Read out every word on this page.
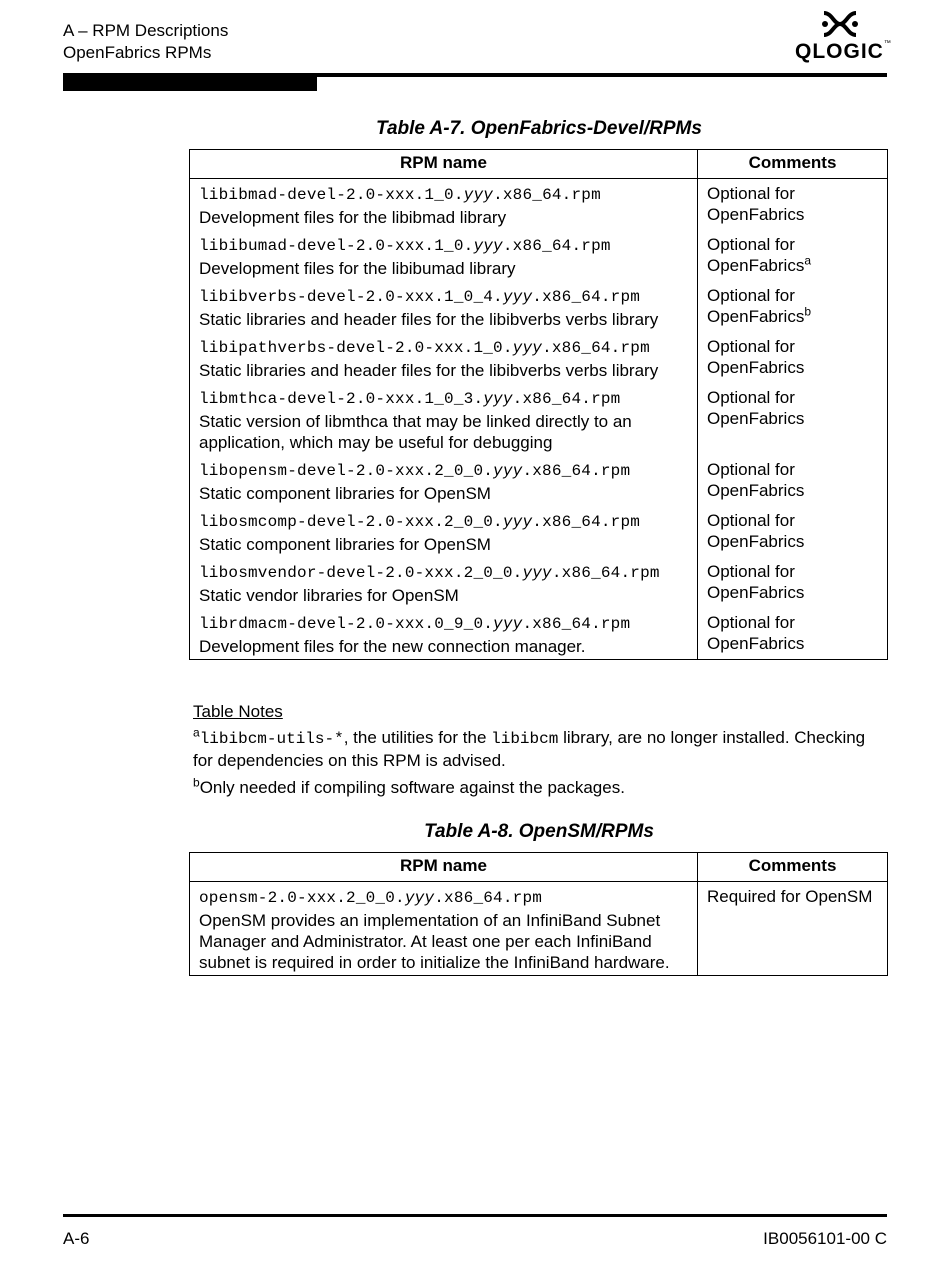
A – RPM Descriptions
OpenFabrics RPMs	QLOGIC™
Table A-7. OpenFabrics-Devel/RPMs
RPM name	Comments
libibmad-devel-2.0-xxx.1_0.yyy.x86_64.rpm
Development files for the libibmad library	Optional for OpenFabrics
libibumad-devel-2.0-xxx.1_0.yyy.x86_64.rpm
Development files for the libibumad library	Optional for OpenFabrics$^a$
libibverbs-devel-2.0-xxx.1_0_4.yyy.x86_64.rpm
Static libraries and header files for the libibverbs verbs library	Optional for OpenFabrics$^b$
libipathverbs-devel-2.0-xxx.1_0.yyy.x86_64.rpm
Static libraries and header files for the libibverbs verbs library	Optional for OpenFabrics
libmthca-devel-2.0-xxx.1_0_3.yyy.x86_64.rpm
Static version of libmthca that may be linked directly to an application, which may be useful for debugging	Optional for OpenFabrics
libopensm-devel-2.0-xxx.2_0_0.yyy.x86_64.rpm
Static component libraries for OpenSM	Optional for OpenFabrics
libosmcomp-devel-2.0-xxx.2_0_0.yyy.x86_64.rpm
Static component libraries for OpenSM	Optional for OpenFabrics
libosmvendor-devel-2.0-xxx.2_0_0.yyy.x86_64.rpm
Static vendor libraries for OpenSM	Optional for OpenFabrics
librdmacm-devel-2.0-xxx.0_9_0.yyy.x86_64.rpm
Development files for the new connection manager.	Optional for OpenFabrics
Table Notes

$^a$libibcm-utils-*, the utilities for the libibcm library, are no longer installed. Checking for dependencies on this RPM is advised.

$^b$Only needed if compiling software against the packages.

Table A-8. OpenSM/RPMs
RPM name	Comments
opensm-2.0-xxx.2_0_0.yyy.x86_64.rpm
OpenSM provides an implementation of an InfiniBand Subnet Manager and Administrator. At least one per each InfiniBand subnet is required in order to initialize the InfiniBand hardware.	Required for OpenSM
A-6	IB0056101-00 C
